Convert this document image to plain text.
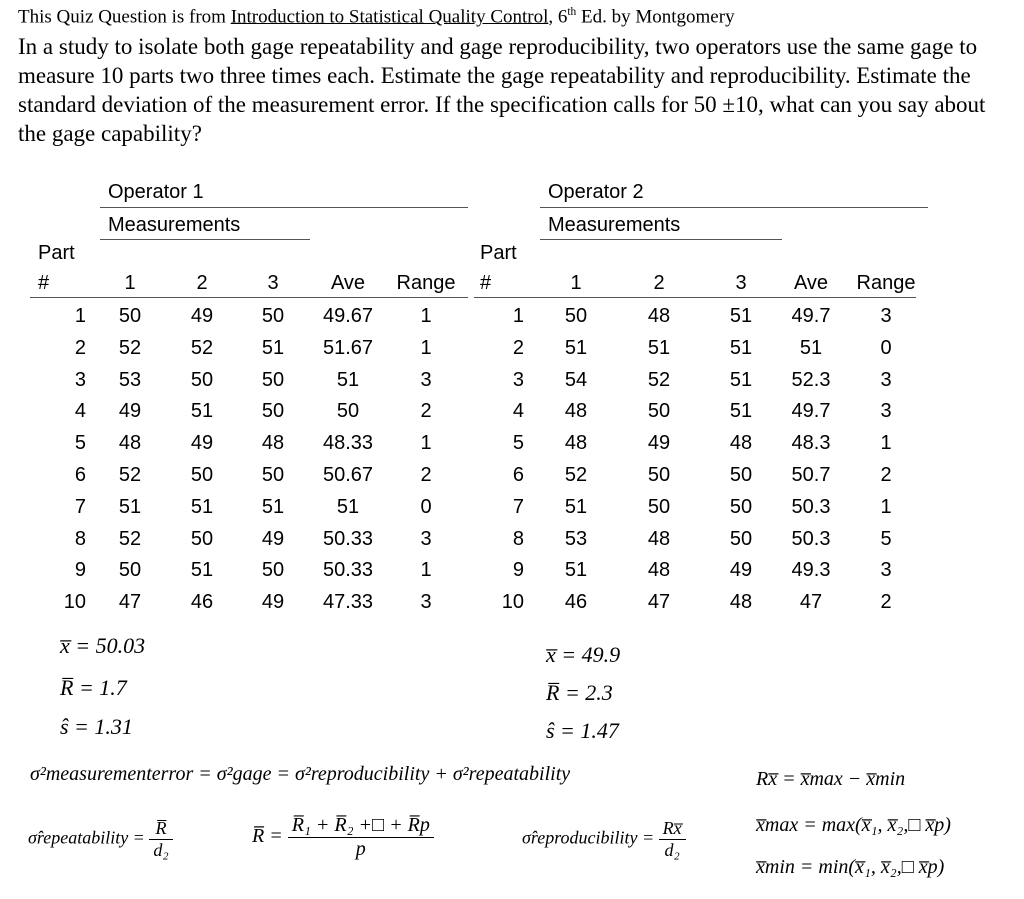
This Quiz Question is from Introduction to Statistical Quality Control, 6th Ed. by Montgomery
In a study to isolate both gage repeatability and gage reproducibility, two operators use the same gage to measure 10 parts two three times each. Estimate the gage repeatability and reproducibility. Estimate the standard deviation of the measurement error. If the specification calls for 50 ±10, what can you say about the gage capability?
Operator 1
Measurements
Operator 2
Measurements
Part
#	1	2	3	Ave Range
1 50 49 50 49.67 1
2 52 52 51 51.67 1
3 53 50 50	51	3
4 49 51 50	50	2
5 48 49 48 48.33 1
6 52 50 50 50.67 2
7 51 51 51	51	0
8 52 50 49 50.33 3
9 50 51 50 50.33 1
10 47 46 49 47.33 3
Part
#	1	2	3 Ave Range
1 50	48	51 49.7 3
2 51	51	51 51	0
3 54	52	51 52.3 3
4 48	50	51 49.7 3
5 48	49	48 48.3 1
6 52	50	50 50.7 2
7 51	50	50 50.3 1
8 53	48	50 50.3 5
9 51	48	49 49.3 3
10 46	47	48 47	2
x̅̅ = 50.03
R̅ = 1.7
ŝ = 1.31
x̅̅ = 49.9
R̅ = 2.3
ŝ = 1.47
σ²measurementerror = σ²gage = σ²reproducibility + σ²repeatability
σ̂repeatability = $\frac{R̅̅}{\text{d₂}}$	R̅̅ = $\frac{\text{R̅₁ + R̅₂ +□ + R̅p}}{p}$	σ̂reproducibility = $\frac{Rx̅̅}{\text{d₂}}$
Rx̅̅ = x̅̅max − x̅̅min
x̅̅max = max(x̅̅₁, x̅̅₂,□ x̅̅p)
x̅̅min = min(x̅̅₁, x̅̅₂,□ x̅̅p)
